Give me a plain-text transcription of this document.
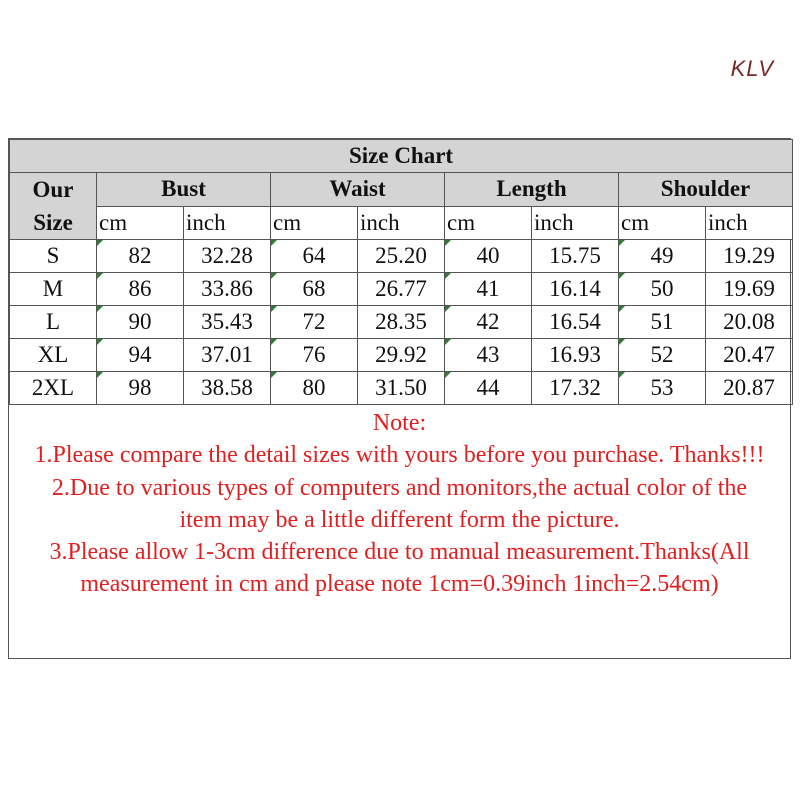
KLV
Size Chart								

Our
Size	Bust		Waist		Length		Shoulder	
	cm	inch	cm	inch	cm	inch	cm	inch
S	82	32.28	64	25.20	40	15.75	49	19.29
M	86	33.86	68	26.77	41	16.14	50	19.69
L	90	35.43	72	28.35	42	16.54	51	20.08
XL	94	37.01	76	29.92	43	16.93	52	20.47
2XL	98	38.58	80	31.50	44	17.32	53	20.87
Note:
1.Please compare the detail sizes with yours before you purchase. Thanks!!!
2.Due to various types of computers and monitors,the actual color of the
item may be a little different form the picture.
3.Please allow 1-3cm difference due to manual measurement.Thanks(All
measurement in cm and please note 1cm=0.39inch 1inch=2.54cm)
